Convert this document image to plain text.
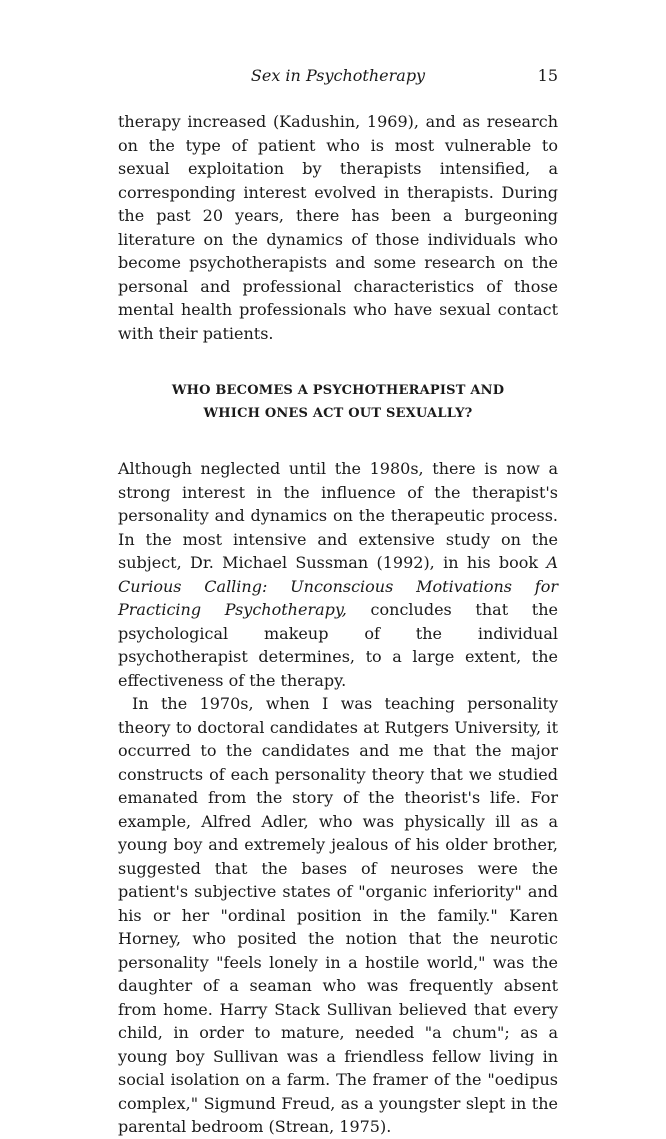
Sex in Psychotherapy	15

therapy increased (Kadushin, 1969), and as research on the type of patient who is most vulnerable to sexual exploitation by therapists intensified, a corresponding interest evolved in therapists. During the past 20 years, there has been a burgeoning literature on the dynamics of those individuals who become psychotherapists and some research on the personal and professional characteristics of those mental health professionals who have sexual contact with their patients.

WHO BECOMES A PSYCHOTHERAPIST AND
WHICH ONES ACT OUT SEXUALLY?

Although neglected until the 1980s, there is now a strong interest in the influence of the therapist's personality and dynamics on the therapeutic process. In the most intensive and extensive study on the subject, Dr. Michael Sussman (1992), in his book A Curious Calling: Unconscious Motivations for Practicing Psychotherapy, concludes that the psychological makeup of the individual psychotherapist determines, to a large extent, the effectiveness of the therapy.

In the 1970s, when I was teaching personality theory to doctoral candidates at Rutgers University, it occurred to the candidates and me that the major constructs of each personality theory that we studied emanated from the story of the theorist's life. For example, Alfred Adler, who was physically ill as a young boy and extremely jealous of his older brother, suggested that the bases of neuroses were the patient's subjective states of "organic inferiority" and his or her "ordinal position in the family." Karen Horney, who posited the notion that the neurotic personality "feels lonely in a hostile world," was the daughter of a seaman who was frequently absent from home. Harry Stack Sullivan believed that every child, in order to mature, needed "a chum"; as a young boy Sullivan was a friendless fellow living in social isolation on a farm. The framer of the "oedipus complex," Sigmund Freud, as a youngster slept in the parental bedroom (Strean, 1975).
